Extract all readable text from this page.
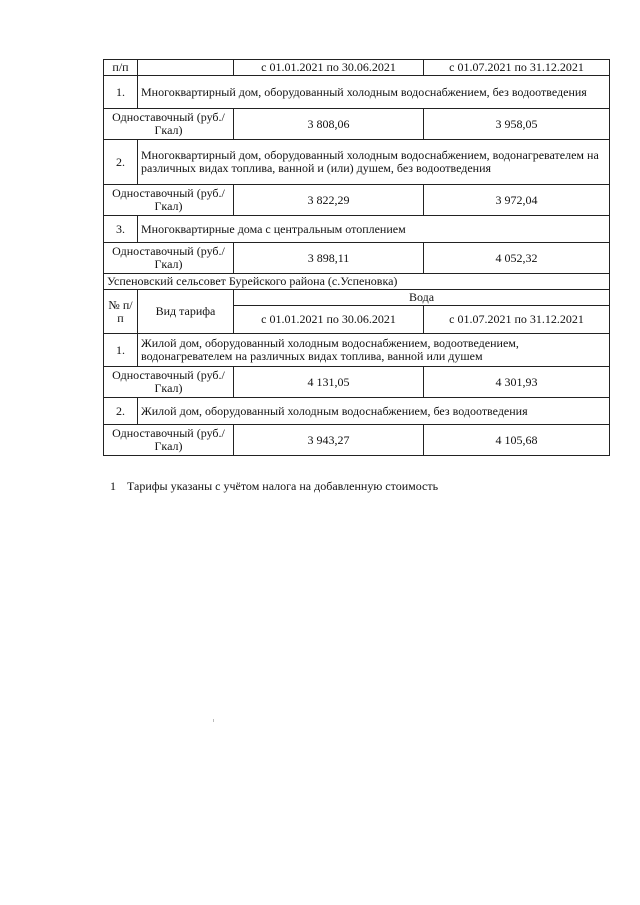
п/п		с 01.01.2021 по 30.06.2021	с 01.07.2021 по 31.12.2021
1.	Многоквартирный дом, оборудованный холодным водоснабжением, без водоотведения		
Одноставочный (руб./Гкал)		3 808,06	3 958,05
2.	Многоквартирный дом, оборудованный холодным водоснабжением, водонагревателем на различных видах топлива, ванной и (или) душем, без водоотведения		
Одноставочный (руб./Гкал)		3 822,29	3 972,04
3.	Многоквартирные дома с центральным отоплением		
Одноставочный (руб./Гкал)		3 898,11	4 052,32
Успеновский сельсовет Бурейского района (с.Успеновка)			
№ п/п	Вид тарифа	Вода	
		с 01.01.2021 по 30.06.2021	с 01.07.2021 по 31.12.2021
1.	Жилой дом, оборудованный холодным водоснабжением, водоотведением, водонагревателем на различных видах топлива, ванной или душем		
Одноставочный (руб./Гкал)		4 131,05	4 301,93
2.	Жилой дом, оборудованный холодным водоснабжением, без водоотведения		
Одноставочный (руб./Гкал)		3 943,27	4 105,68
1 Тарифы указаны с учётом налога на добавленную стоимость
